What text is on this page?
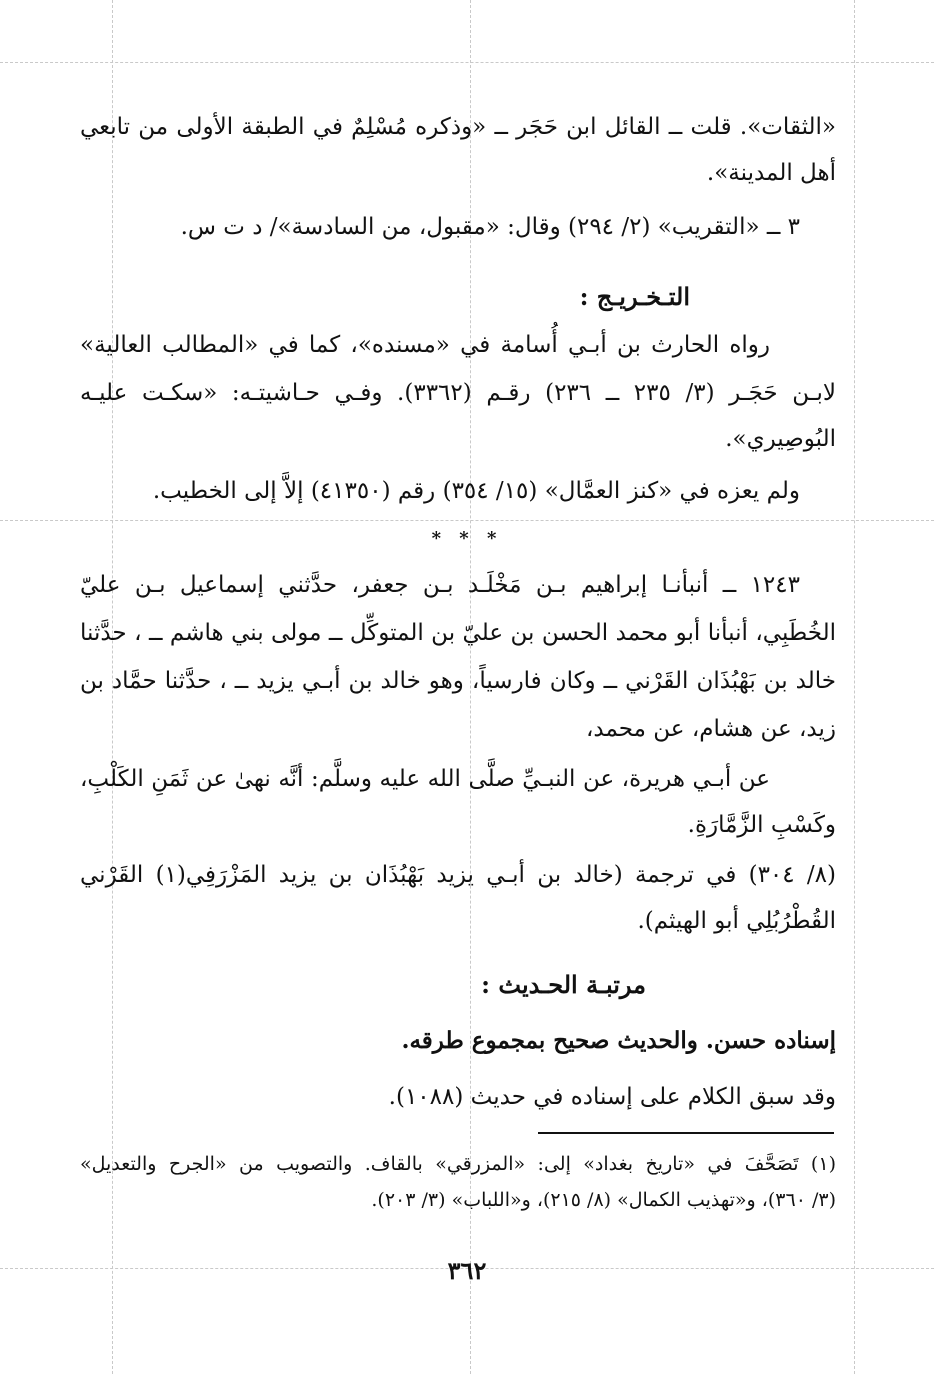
«الثقات». قلت ــ القائل ابن حَجَر ــ «وذكره مُسْلِمٌ في الطبقة الأولى من تابعي
أهل المدينة».
٣ ــ «التقريب» (٢/ ٢٩٤) وقال: «مقبول، من السادسة»/ د ت س.
التـخـريـج :
رواه الحارث بن أبـي أُسامة في «مسنده»، كما في «المطالب العالية»
لابـن حَجَـر (٣/ ٢٣٥ ــ ٢٣٦) رقـم (٣٣٦٢). وفـي حـاشيتـه: «سكـت عليـه
البُوصِيري».
ولم يعزه في «كنز العمَّال» (١٥/ ٣٥٤) رقم (٤١٣٥٠) إلاَّ إلى الخطيب.
* * *
١٢٤٣ ــ أنبأنـا إبراهيم بـن مَخْلَـد بـن جعفر، حدَّثني إسماعيل بـن عليّ
الخُطَبِي، أنبأنا أبو محمد الحسن بن عليّ بن المتوكِّل ــ مولى بني هاشم ــ ، حدَّثنا
خالد بن بَهْبُذَان القَرْني ــ وكان فارسياً، وهو خالد بن أبـي يزيد ــ ، حدَّثنا حمَّاد بن
زيد، عن هشام، عن محمد،
عن أبـي هريرة، عن النبـيِّ صلَّى الله عليه وسلَّم: أنَّه نهىٰ عن ثَمَنِ الكَلْبِ،
وكَسْبِ الزَّمَّارَةِ.
(٨/ ٣٠٤) في ترجمة (خالد بن أبـي يزيد بَهْبُذَان بن يزيد المَزْرَفِي(١) القَرْني
القُطْرُبُلِي أبو الهيثم).
مرتبـة الحـديث :
إسناده حسن. والحديث صحيح بمجموع طرقه.
وقد سبق الكلام على إسناده في حديث (١٠٨٨).
(١) تَصَحَّفَ في «تاريخ بغداد» إلى: «المزرقي» بالقاف. والتصويب من «الجرح والتعديل»
(٣/ ٣٦٠)، و«تهذيب الكمال» (٨/ ٢١٥)، و«اللباب» (٣/ ٢٠٣).
٣٦٢
